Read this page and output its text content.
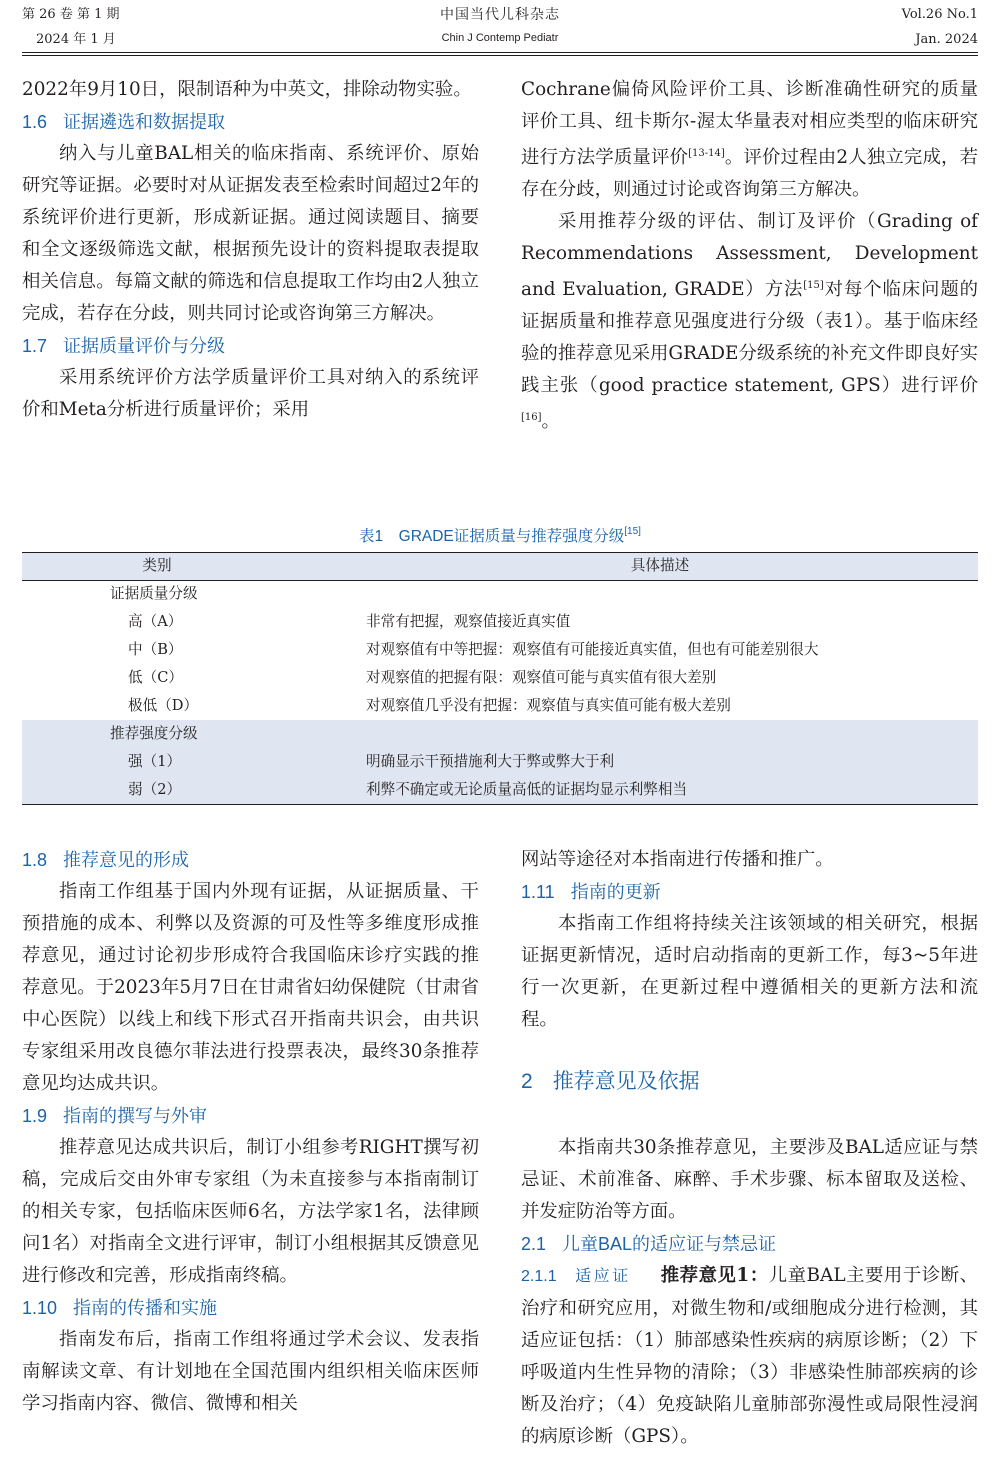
第 26 卷 第 1 期
2024 年 1 月
中国当代儿科杂志
Chin J Contemp Pediatr
Vol.26 No.1
Jan. 2024

2022年9月10日，限制语种为中英文，排除动物实验。

1.6 证据遴选和数据提取

纳入与儿童BAL相关的临床指南、系统评价、原始研究等证据。必要时对从证据发表至检索时间超过2年的系统评价进行更新，形成新证据。通过阅读题目、摘要和全文逐级筛选文献，根据预先设计的资料提取表提取相关信息。每篇文献的筛选和信息提取工作均由2人独立完成，若存在分歧，则共同讨论或咨询第三方解决。

1.7 证据质量评价与分级

采用系统评价方法学质量评价工具对纳入的系统评价和Meta分析进行质量评价；采用

Cochrane偏倚风险评价工具、诊断准确性研究的质量评价工具、纽卡斯尔-渥太华量表对相应类型的临床研究进行方法学质量评价[13-14]。评价过程由2人独立完成，若存在分歧，则通过讨论或咨询第三方解决。

采用推荐分级的评估、制订及评价（Grading of Recommendations Assessment, Development and Evaluation, GRADE）方法[15]对每个临床问题的证据质量和推荐意见强度进行分级（表1）。基于临床经验的推荐意见采用GRADE分级系统的补充文件即良好实践主张（good practice statement, GPS）进行评价[16]。

表1　GRADE证据质量与推荐强度分级[15]
类别	具体描述
证据质量分级
高（A）	非常有把握，观察值接近真实值
中（B）	对观察值有中等把握：观察值有可能接近真实值，但也有可能差别很大
低（C）	对观察值的把握有限：观察值可能与真实值有很大差别
极低（D）	对观察值几乎没有把握：观察值与真实值可能有极大差别
推荐强度分级
强（1）	明确显示干预措施利大于弊或弊大于利
弱（2）	利弊不确定或无论质量高低的证据均显示利弊相当
1.8 推荐意见的形成

指南工作组基于国内外现有证据，从证据质量、干预措施的成本、利弊以及资源的可及性等多维度形成推荐意见，通过讨论初步形成符合我国临床诊疗实践的推荐意见。于2023年5月7日在甘肃省妇幼保健院（甘肃省中心医院）以线上和线下形式召开指南共识会，由共识专家组采用改良德尔菲法进行投票表决，最终30条推荐意见均达成共识。

1.9 指南的撰写与外审

推荐意见达成共识后，制订小组参考RIGHT撰写初稿，完成后交由外审专家组（为未直接参与本指南制订的相关专家，包括临床医师6名，方法学家1名，法律顾问1名）对指南全文进行评审，制订小组根据其反馈意见进行修改和完善，形成指南终稿。

1.10 指南的传播和实施

指南发布后，指南工作组将通过学术会议、发表指南解读文章、有计划地在全国范围内组织相关临床医师学习指南内容、微信、微博和相关

网站等途径对本指南进行传播和推广。

1.11 指南的更新

本指南工作组将持续关注该领域的相关研究，根据证据更新情况，适时启动指南的更新工作，每3~5年进行一次更新，在更新过程中遵循相关的更新方法和流程。

2 推荐意见及依据

本指南共30条推荐意见，主要涉及BAL适应证与禁忌证、术前准备、麻醉、手术步骤、标本留取及送检、并发症防治等方面。

2.1 儿童BAL的适应证与禁忌证

2.1.1 适应证 推荐意见1：儿童BAL主要用于诊断、治疗和研究应用，对微生物和/或细胞成分进行检测，其适应证包括：（1）肺部感染性疾病的病原诊断；（2）下呼吸道内生性异物的清除；（3）非感染性肺部疾病的诊断及治疗；（4）免疫缺陷儿童肺部弥漫性或局限性浸润的病原诊断（GPS）。
